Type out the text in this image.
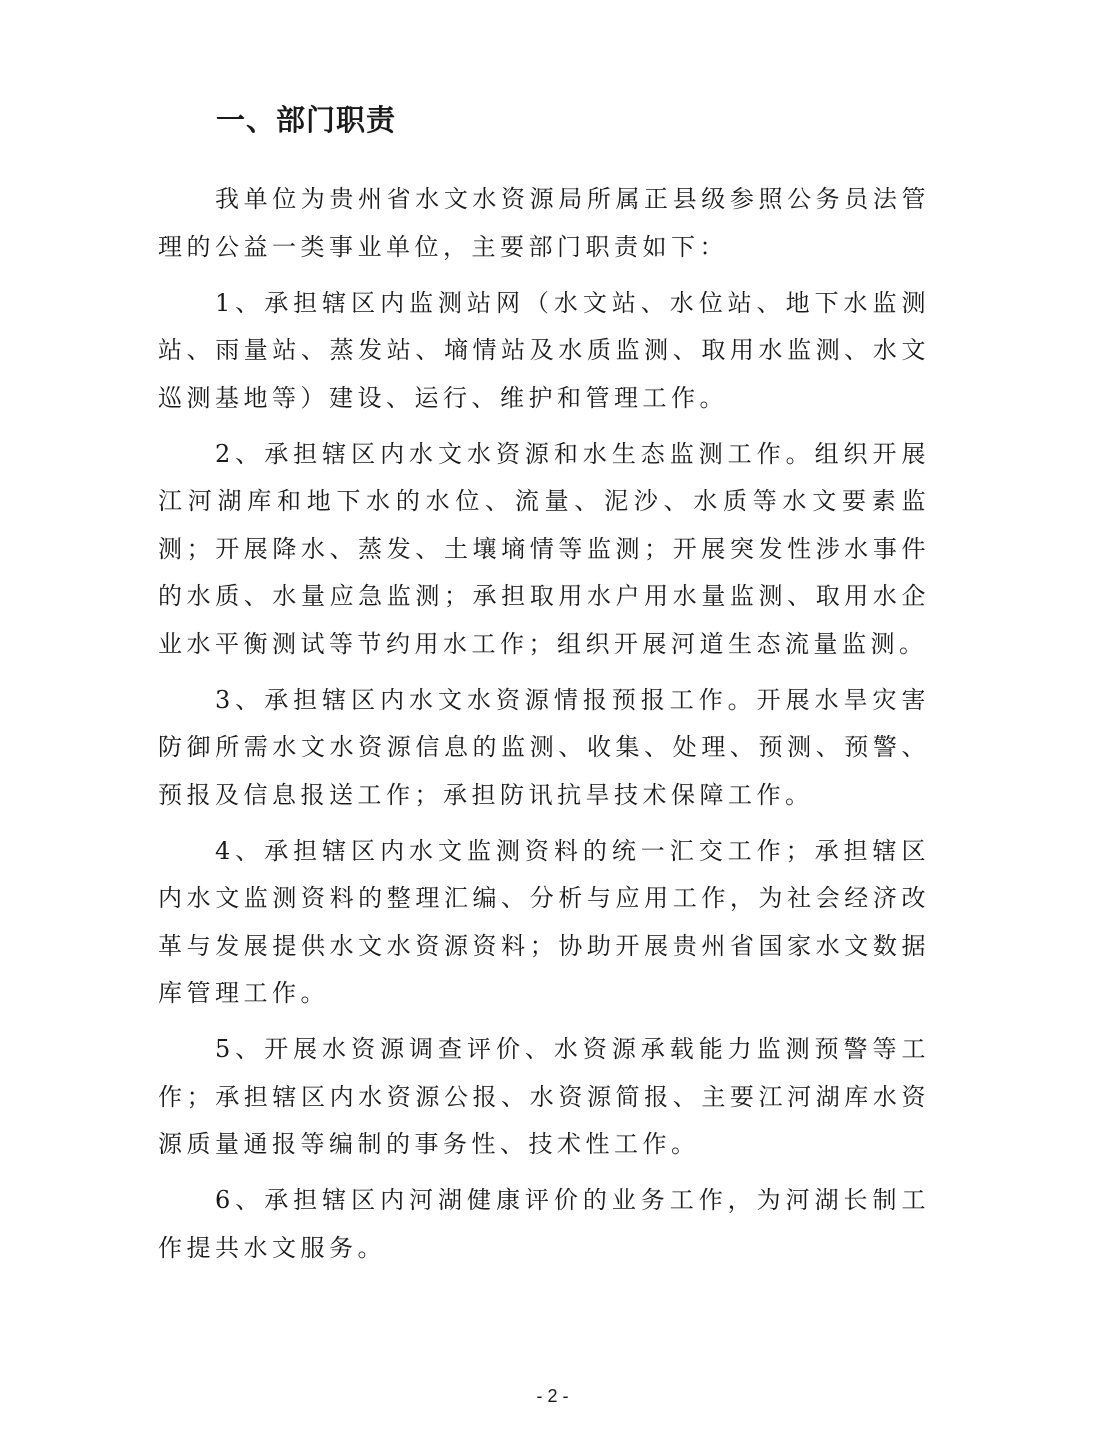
一、部门职责

我单位为贵州省水文水资源局所属正县级参照公务员法管理的公益一类事业单位，主要部门职责如下：

1、承担辖区内监测站网（水文站、水位站、地下水监测站、雨量站、蒸发站、墒情站及水质监测、取用水监测、水文巡测基地等）建设、运行、维护和管理工作。

2、承担辖区内水文水资源和水生态监测工作。组织开展江河湖库和地下水的水位、流量、泥沙、水质等水文要素监测；开展降水、蒸发、土壤墒情等监测；开展突发性涉水事件的水质、水量应急监测；承担取用水户用水量监测、取用水企业水平衡测试等节约用水工作；组织开展河道生态流量监测。

3、承担辖区内水文水资源情报预报工作。开展水旱灾害防御所需水文水资源信息的监测、收集、处理、预测、预警、预报及信息报送工作；承担防讯抗旱技术保障工作。

4、承担辖区内水文监测资料的统一汇交工作；承担辖区内水文监测资料的整理汇编、分析与应用工作，为社会经济改革与发展提供水文水资源资料；协助开展贵州省国家水文数据库管理工作。

5、开展水资源调查评价、水资源承载能力监测预警等工作；承担辖区内水资源公报、水资源简报、主要江河湖库水资源质量通报等编制的事务性、技术性工作。

6、承担辖区内河湖健康评价的业务工作，为河湖长制工作提共水文服务。

- 2 -
